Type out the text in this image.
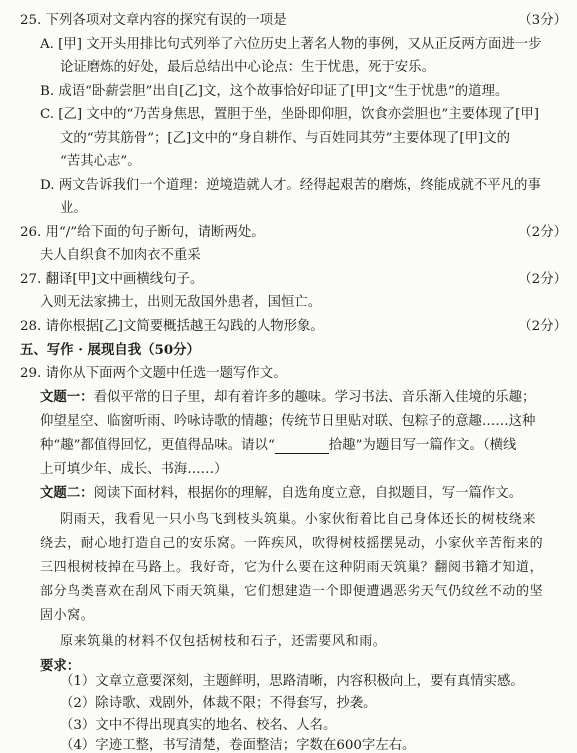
25. 下列各项对文章内容的探究有误的一项是	（3分）
A. [甲] 文开头用排比句式列举了六位历史上著名人物的事例，又从正反两方面进一步
论证磨炼的好处，最后总结出中心论点：生于忧患，死于安乐。
B. 成语“卧薪尝胆”出自[乙]文，这个故事恰好印证了[甲]文“生于忧患”的道理。
C. [乙] 文中的“乃苦身焦思，置胆于坐，坐卧即仰胆，饮食亦尝胆也”主要体现了[甲]
文的“劳其筋骨”；[乙]文中的“身自耕作、与百姓同其劳”主要体现了[甲]文的
“苦其心志”。
D. 两文告诉我们一个道理：逆境造就人才。经得起艰苦的磨炼，终能成就不平凡的事
业。
26. 用“/”给下面的句子断句，请断两处。	（2分）
夫人自织食不加肉衣不重采
27. 翻译[甲]文中画横线句子。	（2分）
入则无法家拂士，出则无敌国外患者，国恒亡。
28. 请你根据[乙]文简要概括越王勾践的人物形象。	（2分）
五、写作 · 展现自我（50分）
29. 请你从下面两个文题中任选一题写作文。
文题一：看似平常的日子里，却有着许多的趣味。学习书法、音乐渐入佳境的乐趣；
仰望星空、临窗听雨、吟咏诗歌的情趣；传统节日里贴对联、包粽子的意趣……这种
种“趣”都值得回忆，更值得品味。请以“	拾趣”为题目写一篇作文。（横线
上可填少年、成长、书海……）
文题二：阅读下面材料，根据你的理解，自选角度立意，自拟题目，写一篇作文。
阴雨天，我看见一只小鸟飞到枝头筑巢。小家伙衔着比自己身体还长的树枝绕来
绕去，耐心地打造自己的安乐窝。一阵疾风，吹得树枝摇摆晃动，小家伙辛苦衔来的
三四根树枝掉在马路上。我好奇，它为什么要在这种阴雨天筑巢？翻阅书籍才知道，
部分鸟类喜欢在刮风下雨天筑巢，它们想建造一个即便遭遇恶劣天气仍纹丝不动的坚
固小窝。
原来筑巢的材料不仅包括树枝和石子，还需要风和雨。
要求：
（1）文章立意要深刻，主题鲜明，思路清晰，内容积极向上，要有真情实感。
（2）除诗歌、戏剧外，体裁不限；不得套写，抄袭。
（3）文中不得出现真实的地名、校名、人名。
（4）字迹工整，书写清楚，卷面整洁；字数在600字左右。
